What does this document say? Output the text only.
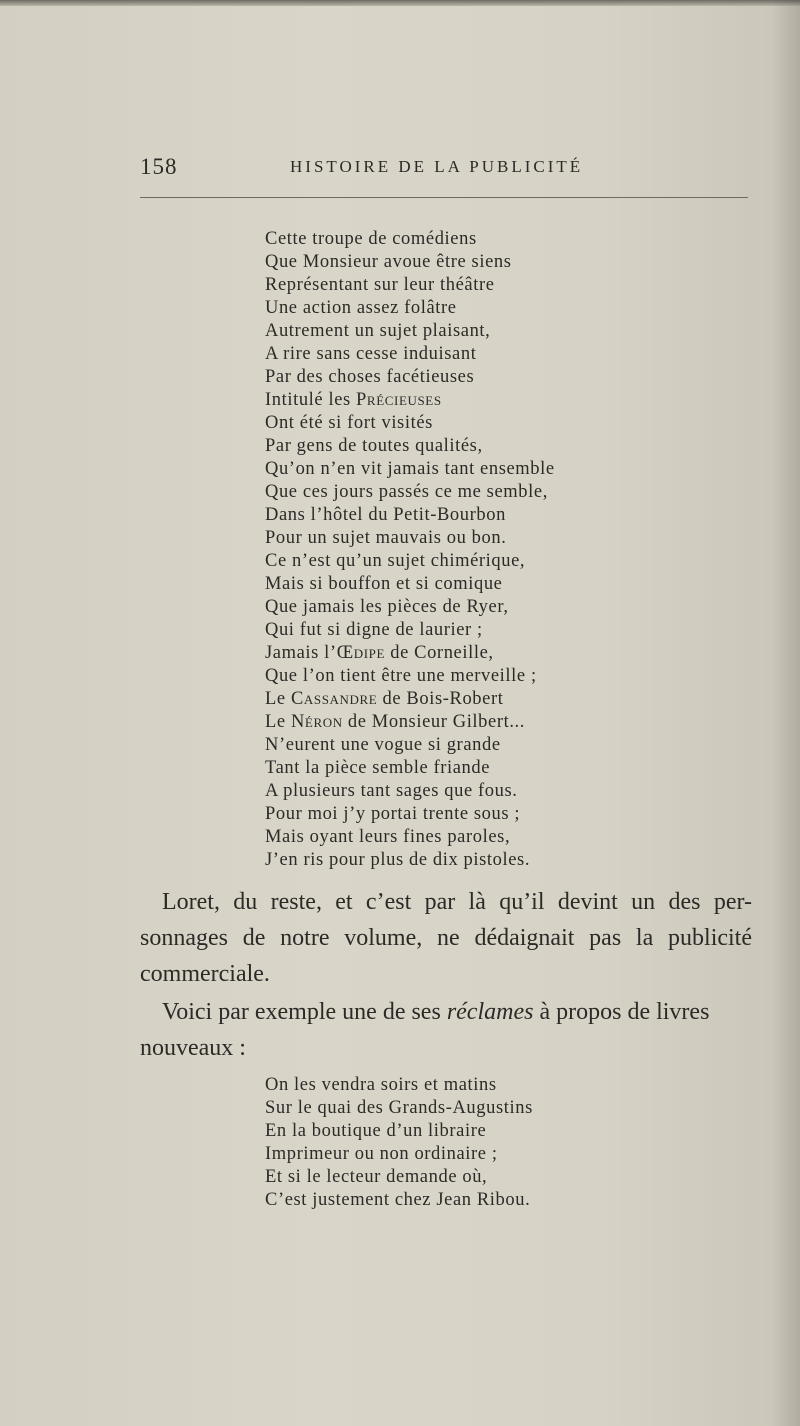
158	HISTOIRE DE LA PUBLICITÉ
Cette troupe de comédiens
Que Monsieur avoue être siens
Représentant sur leur théâtre
Une action assez folâtre
Autrement un sujet plaisant,
A rire sans cesse induisant
Par des choses facétieuses
Intitulé les Précieuses
Ont été si fort visités
Par gens de toutes qualités,
Qu’on n’en vit jamais tant ensemble
Que ces jours passés ce me semble,
Dans l’hôtel du Petit-Bourbon
Pour un sujet mauvais ou bon.
Ce n’est qu’un sujet chimérique,
Mais si bouffon et si comique
Que jamais les pièces de Ryer,
Qui fut si digne de laurier ;
Jamais l’Œdipe de Corneille,
Que l’on tient être une merveille ;
Le Cassandre de Bois-Robert
Le Néron de Monsieur Gilbert...
N’eurent une vogue si grande
Tant la pièce semble friande
A plusieurs tant sages que fous.
Pour moi j’y portai trente sous ;
Mais oyant leurs fines paroles,
J’en ris pour plus de dix pistoles.
Loret, du reste, et c’est par là qu’il devint un des per-
sonnages de notre volume, ne dédaignait pas la publicité
commerciale.
Voici par exemple une de ses réclames à propos de livres
nouveaux :
On les vendra soirs et matins
Sur le quai des Grands-Augustins
En la boutique d’un libraire
Imprimeur ou non ordinaire ;
Et si le lecteur demande où,
C’est justement chez Jean Ribou.
